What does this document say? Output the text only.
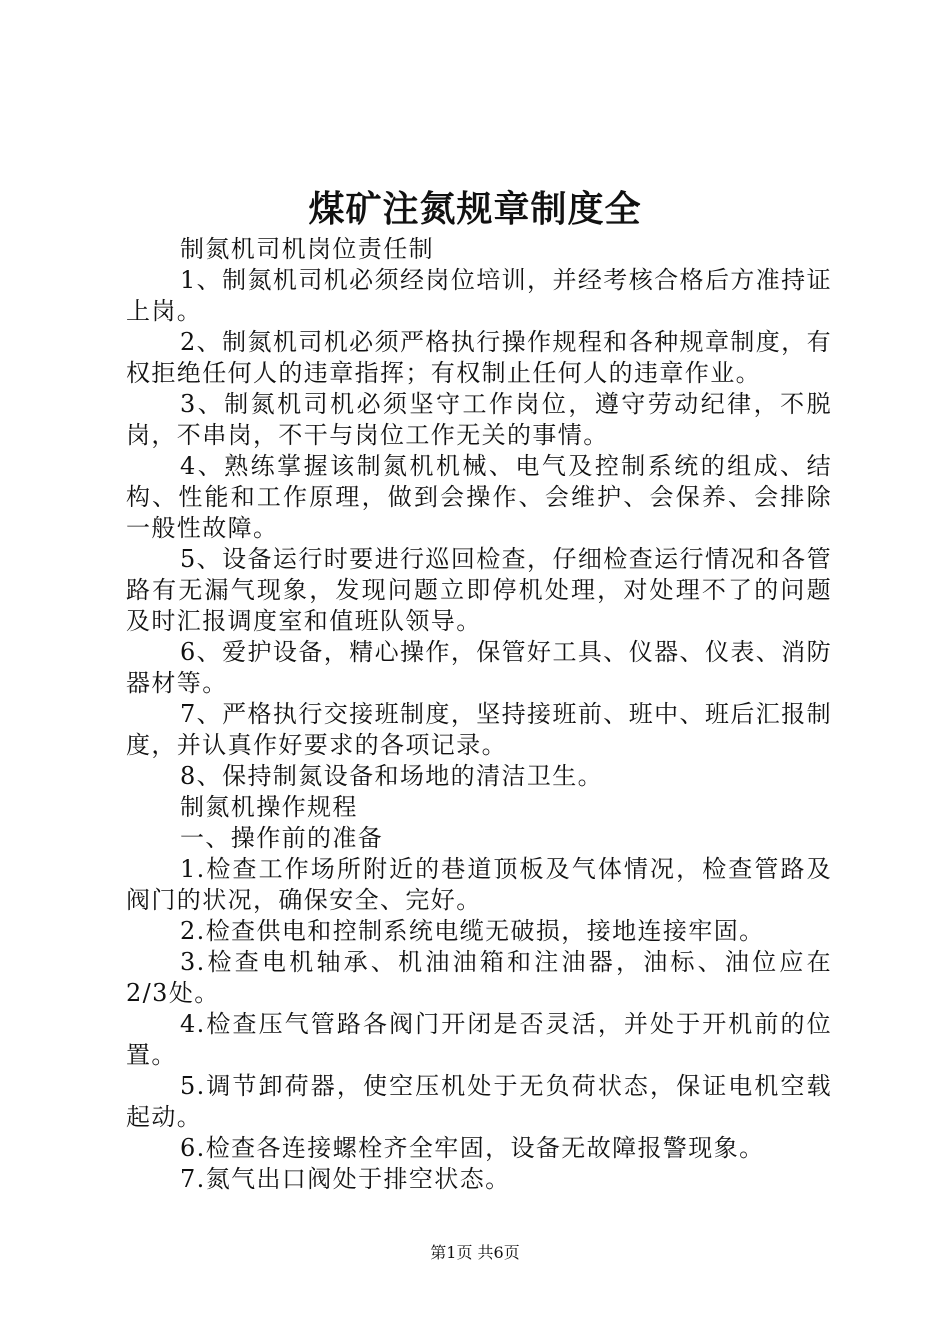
煤矿注氮规章制度全

制氮机司机岗位责任制

1、制氮机司机必须经岗位培训，并经考核合格后方准持证上岗。

2、制氮机司机必须严格执行操作规程和各种规章制度，有权拒绝任何人的违章指挥；有权制止任何人的违章作业。

3、制氮机司机必须坚守工作岗位，遵守劳动纪律，不脱岗，不串岗，不干与岗位工作无关的事情。

4、熟练掌握该制氮机机械、电气及控制系统的组成、结构、性能和工作原理，做到会操作、会维护、会保养、会排除一般性故障。

5、设备运行时要进行巡回检查，仔细检查运行情况和各管路有无漏气现象，发现问题立即停机处理，对处理不了的问题及时汇报调度室和值班队领导。

6、爱护设备，精心操作，保管好工具、仪器、仪表、消防器材等。

7、严格执行交接班制度，坚持接班前、班中、班后汇报制度，并认真作好要求的各项记录。

8、保持制氮设备和场地的清洁卫生。

制氮机操作规程

一、操作前的准备

1.检查工作场所附近的巷道顶板及气体情况，检查管路及阀门的状况，确保安全、完好。

2.检查供电和控制系统电缆无破损，接地连接牢固。

3.检查电机轴承、机油油箱和注油器，油标、油位应在2/3处。

4.检查压气管路各阀门开闭是否灵活，并处于开机前的位置。

5.调节卸荷器，使空压机处于无负荷状态，保证电机空载起动。

6.检查各连接螺栓齐全牢固，设备无故障报警现象。

7.氮气出口阀处于排空状态。

第1页 共6页
